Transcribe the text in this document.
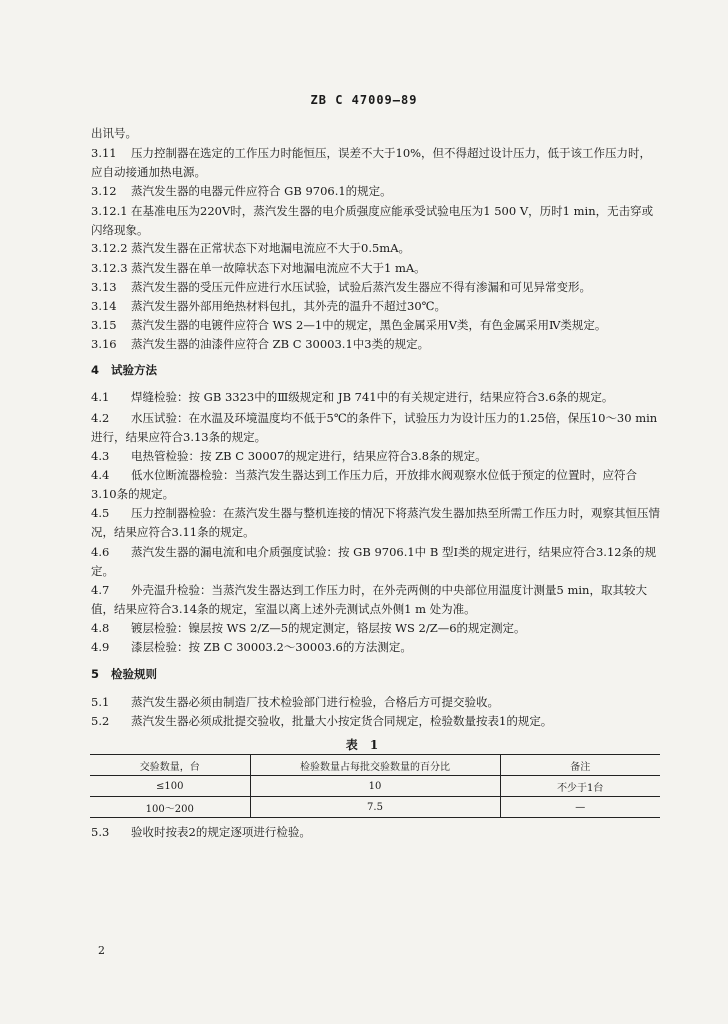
ZB C 47009—89
出讯号。
3.11 压力控制器在选定的工作压力时能恒压，误差不大于10%，但不得超过设计压力，低于该工作压力时，应自动接通加热电源。
3.12 蒸汽发生器的电器元件应符合 GB 9706.1的规定。
3.12.1 在基准电压为220V时，蒸汽发生器的电介质强度应能承受试验电压为1 500 V，历时1 min，无击穿或闪络现象。
3.12.2 蒸汽发生器在正常状态下对地漏电流应不大于0.5mA。
3.12.3 蒸汽发生器在单一故障状态下对地漏电流应不大于1 mA。
3.13 蒸汽发生器的受压元件应进行水压试验，试验后蒸汽发生器应不得有渗漏和可见异常变形。
3.14 蒸汽发生器外部用绝热材料包扎，其外壳的温升不超过30℃。
3.15 蒸汽发生器的电镀件应符合 WS 2—1中的规定，黑色金属采用Ⅴ类，有色金属采用Ⅳ类规定。
3.16 蒸汽发生器的油漆件应符合 ZB C 30003.1中3类的规定。
4 试验方法
4.1 焊缝检验：按 GB 3323中的Ⅲ级规定和 JB 741中的有关规定进行，结果应符合3.6条的规定。
4.2 水压试验：在水温及环境温度均不低于5℃的条件下，试验压力为设计压力的1.25倍，保压10～30 min进行，结果应符合3.13条的规定。
4.3 电热管检验：按 ZB C 30007的规定进行，结果应符合3.8条的规定。
4.4 低水位断流器检验：当蒸汽发生器达到工作压力后，开放排水阀观察水位低于预定的位置时，应符合3.10条的规定。
4.5 压力控制器检验：在蒸汽发生器与整机连接的情况下将蒸汽发生器加热至所需工作压力时，观察其恒压情况，结果应符合3.11条的规定。
4.6 蒸汽发生器的漏电流和电介质强度试验：按 GB 9706.1中 B 型Ⅰ类的规定进行，结果应符合3.12条的规定。
4.7 外壳温升检验：当蒸汽发生器达到工作压力时，在外壳两侧的中央部位用温度计测量5 min，取其较大值，结果应符合3.14条的规定，室温以离上述外壳测试点外侧1 m 处为准。
4.8 镀层检验：镍层按 WS 2/Z—5的规定测定，铬层按 WS 2/Z—6的规定测定。
4.9 漆层检验：按 ZB C 30003.2～30003.6的方法测定。
5 检验规则
5.1 蒸汽发生器必须由制造厂技术检验部门进行检验，合格后方可提交验收。
5.2 蒸汽发生器必须成批提交验收，批量大小按定货合同规定，检验数量按表1的规定。
表 1
交验数量，台	检验数量占每批交验数量的百分比	备注
≤100	10	不少于1台
100～200	7.5	—
5.3 验收时按表2的规定逐项进行检验。
2
